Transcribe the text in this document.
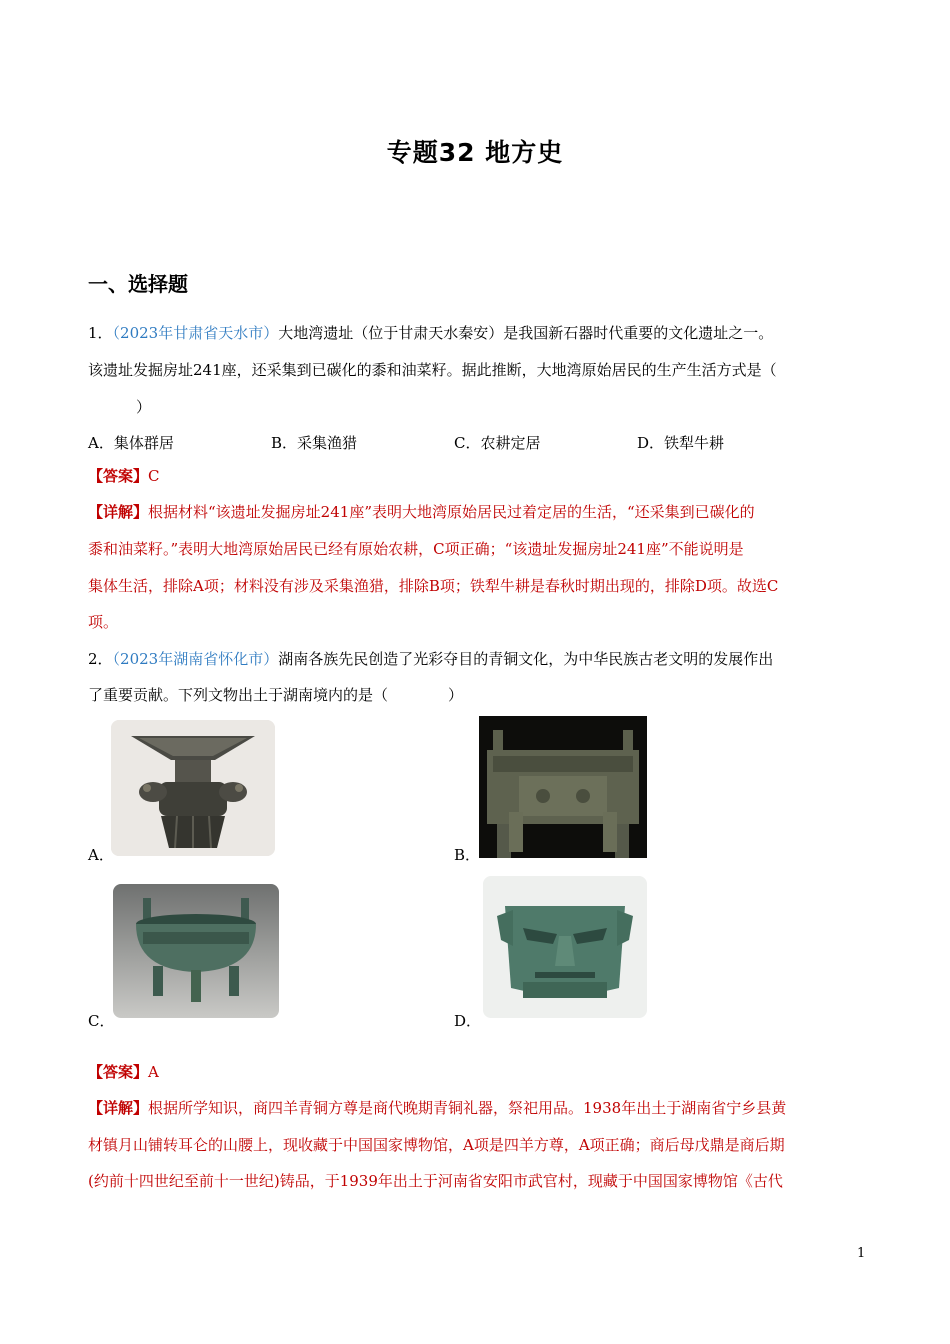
专题32 地方史
一、选择题
1．（2023年甘肃省天水市）大地湾遗址（位于甘肃天水秦安）是我国新石器时代重要的文化遗址之一。
该遗址发掘房址241座，还采集到已碳化的黍和油菜籽。据此推断，大地湾原始居民的生产生活方式是（
）
A．集体群居	B．采集渔猎	C．农耕定居	D．铁犁牛耕
【答案】C
【详解】根据材料“该遗址发掘房址241座”表明大地湾原始居民过着定居的生活，“还采集到已碳化的
黍和油菜籽。”表明大地湾原始居民已经有原始农耕，C项正确；“该遗址发掘房址241座”不能说明是
集体生活，排除A项；材料没有涉及采集渔猎，排除B项；铁犁牛耕是春秋时期出现的，排除D项。故选C
项。
2．（2023年湖南省怀化市）湖南各族先民创造了光彩夺目的青铜文化，为中华民族古老文明的发展作出
了重要贡献。下列文物出土于湖南境内的是（	）
A．	B．
C．	D．
【答案】A
【详解】根据所学知识，商四羊青铜方尊是商代晚期青铜礼器，祭祀用品。1938年出土于湖南省宁乡县黄
材镇月山铺转耳仑的山腰上，现收藏于中国国家博物馆，A项是四羊方尊，A项正确；商后母戊鼎是商后期
(约前十四世纪至前十一世纪)铸品，于1939年出土于河南省安阳市武官村，现藏于中国国家博物馆《古代
1
